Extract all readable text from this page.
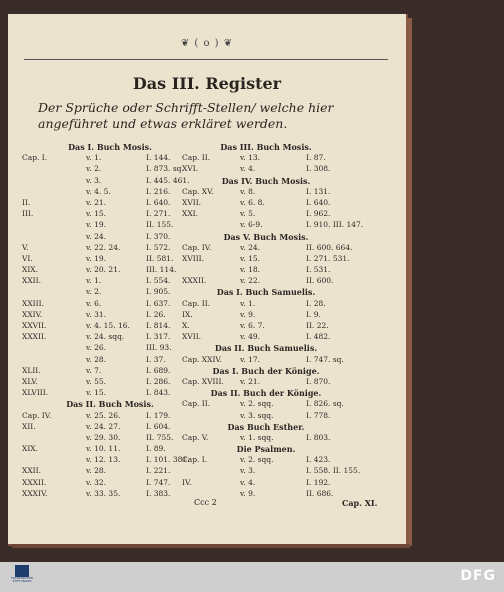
❦ ( o ) ❦
Das III. Register
Der Sprüche oder Schrifft-Stellen/ welche hier angeführet und etwas erkläret werden.
Das I. Buch Mosis.
Cap. I.	v. 1.	I. 144.
v. 2.	I. 873. sq.
v. 3.	I. 445. 461.
v. 4. 5.	I. 216.
II.	v. 21.	I. 640.
III.	v. 15.	I. 271.
v. 19.	II. 155.
v. 24.	I. 370.
V.	v. 22. 24.	I. 572.
VI.	v. 19.	II. 581.
XIX.	v. 20. 21.	III. 114.
XXII.	v. 1.	I. 554.
v. 2.	I. 905.
XXIII.	v. 6.	I. 637.
XXIV.	v. 31.	I. 26.
XXVII.	v. 4. 15. 16. I. 814.
XXXII.	v. 24. sqq.	I. 317.
v. 26.	III. 93.
v. 28.	I. 37.
XLII.	v. 7.	I. 689.
XLV.	v. 55.	I. 286.
XLVIII.	v. 15.	I. 843.
Das II. Buch Mosis.
Cap. IV.	v. 25. 26.	I. 179.
XII.	v. 24. 27.	I. 604.
v. 29. 30.	II. 755.
XIX.	v. 10. 11.	I. 89.
v. 12. 13.	I. 101. 381.
XXII.	v. 28.	I. 221.
XXXII.	v. 32.	I. 747.
XXXIV.	v. 33. 35.	I. 383.
Das III. Buch Mosis.
Cap. II.	v. 13.	I. 87.
XVI.	v. 4.	I. 308.
Das IV. Buch Mosis.
Cap. XV.	v. 8.	I. 131.
XVII.	v. 6. 8.	I. 640.
XXI.	v. 5.	I. 962.
v. 6-9.	I. 910. III. 147.
Das V. Buch Mosis.
Cap. IV.	v. 24.	II. 600. 664.
XVIII.	v. 15.	I. 271. 531.
v. 18.	I. 531.
XXXII.	v. 22.	II. 600.
Das I. Buch Samuelis.
Cap. II.	v. 1.	I. 28.
IX.	v. 9.	I. 9.
X.	v. 6. 7.	II. 22.
XVII.	v. 49.	I. 482.
Das II. Buch Samuelis.
Cap. XXIV. v. 17.	I. 747. sq.
Das I. Buch der Könige.
Cap. XVIII. v. 21.	I. 870.
Das II. Buch der Könige.
Cap. II.	v. 2. sqq.	I. 826. sq.
v. 3. sqq.	I. 778.
Das Buch Esther.
Cap. V.	v. 1. sqq.	I. 803.
Die Psalmen.
Cap. I.	v. 2. sqq.	I. 423.
v. 3.	I. 558. II. 155.
IV.	v. 4.	I. 192.
v. 9.	II. 686.
Ccc 2	Cap. XI.
FRANCKESCHE STIFTUNGEN	DFG
